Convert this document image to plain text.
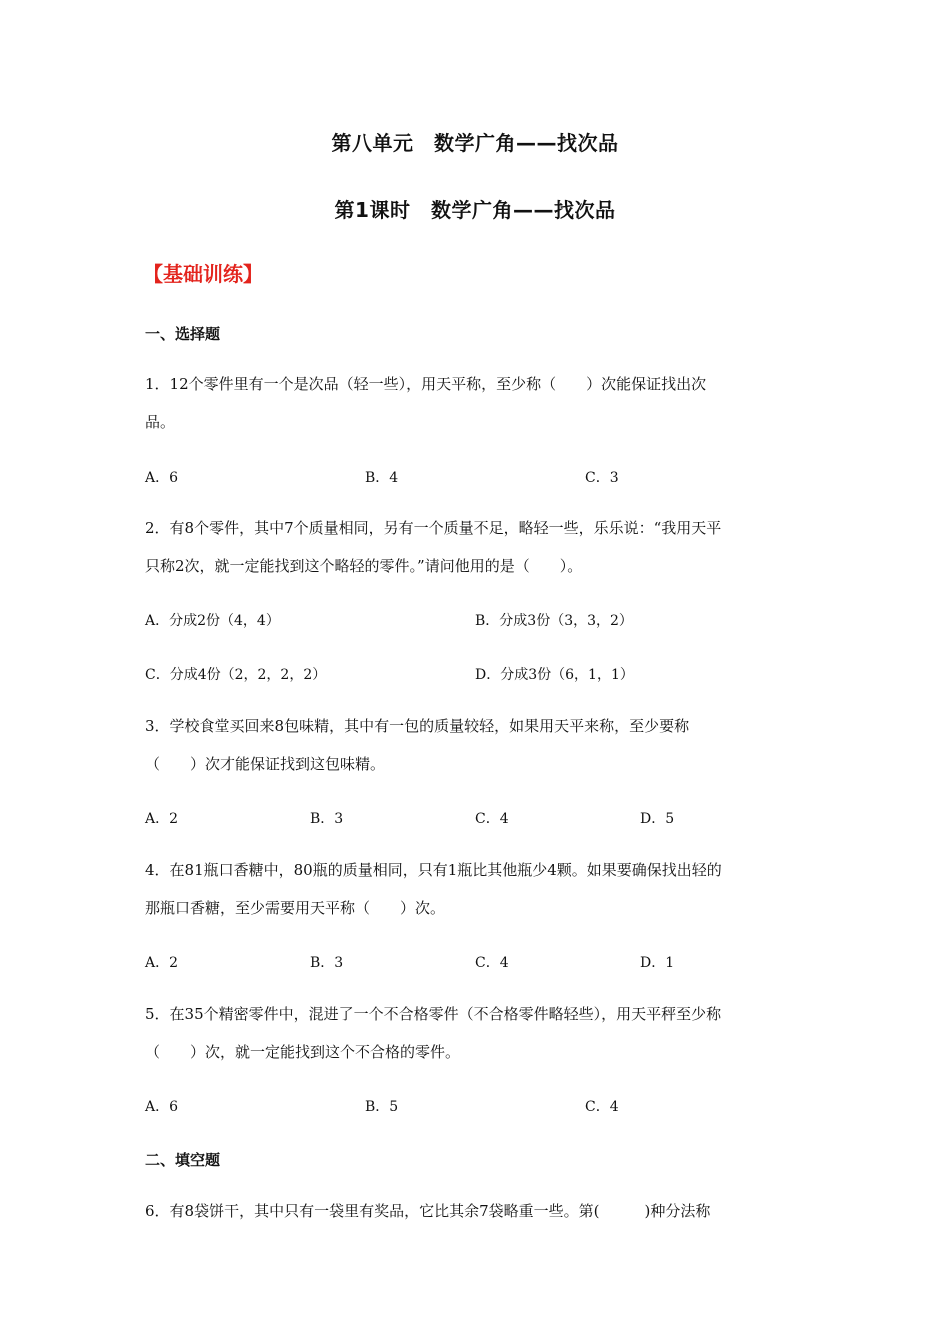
第八单元　数学广角——找次品
第1课时　数学广角——找次品
【基础训练】
一、选择题
1．12个零件里有一个是次品（轻一些），用天平称，至少称（　　）次能保证找出次
品。
A．6	B．4	C．3
2．有8个零件，其中7个质量相同，另有一个质量不足，略轻一些，乐乐说：“我用天平
只称2次，就一定能找到这个略轻的零件。”请问他用的是（　　）。
A．分成2份（4，4）	B．分成3份（3，3，2）
C．分成4份（2，2，2，2）	D．分成3份（6，1，1）
3．学校食堂买回来8包味精，其中有一包的质量较轻，如果用天平来称，至少要称
（　　）次才能保证找到这包味精。
A．2	B．3	C．4	D．5
4．在81瓶口香糖中，80瓶的质量相同，只有1瓶比其他瓶少4颗。如果要确保找出轻的
那瓶口香糖，至少需要用天平称（　　）次。
A．2	B．3	C．4	D．1
5．在35个精密零件中，混进了一个不合格零件（不合格零件略轻些），用天平秤至少称
（　　）次，就一定能找到这个不合格的零件。
A．6	B．5	C．4
二、填空题
6．有8袋饼干，其中只有一袋里有奖品，它比其余7袋略重一些。第(　　　)种分法称
